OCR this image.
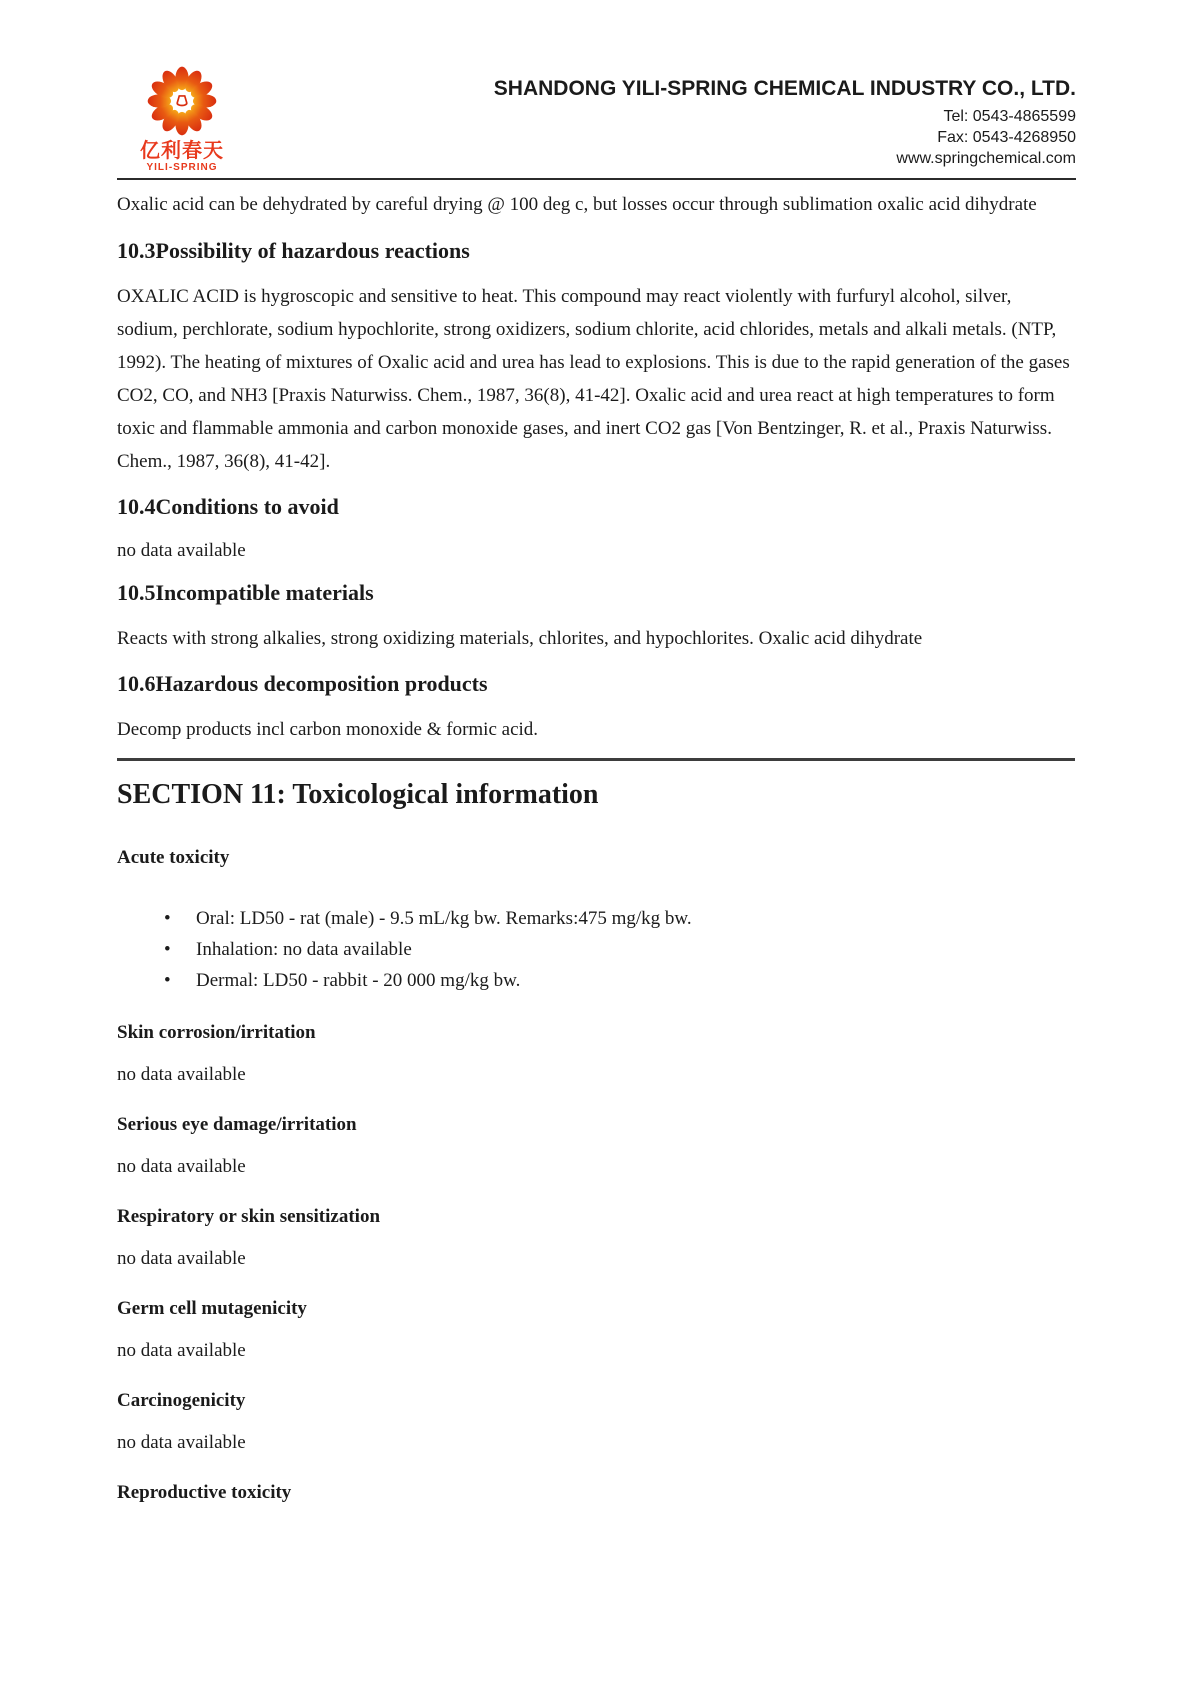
亿利春天
YILI-SPRING
SHANDONG YILI-SPRING CHEMICAL INDUSTRY CO., LTD.
Tel: 0543-4865599
Fax: 0543-4268950
www.springchemical.com

Oxalic acid can be dehydrated by careful drying @ 100 deg c, but losses occur through sublimation oxalic acid dihydrate

10.3Possibility of hazardous reactions

OXALIC ACID is hygroscopic and sensitive to heat. This compound may react violently with furfuryl alcohol, silver, sodium, perchlorate, sodium hypochlorite, strong oxidizers, sodium chlorite, acid chlorides, metals and alkali metals. (NTP, 1992). The heating of mixtures of Oxalic acid and urea has lead to explosions. This is due to the rapid generation of the gases CO2, CO, and NH3 [Praxis Naturwiss. Chem., 1987, 36(8), 41-42]. Oxalic acid and urea react at high temperatures to form toxic and flammable ammonia and carbon monoxide gases, and inert CO2 gas [Von Bentzinger, R. et al., Praxis Naturwiss. Chem., 1987, 36(8), 41-42].

10.4Conditions to avoid

no data available

10.5Incompatible materials

Reacts with strong alkalies, strong oxidizing materials, chlorites, and hypochlorites. Oxalic acid dihydrate

10.6Hazardous decomposition products

Decomp products incl carbon monoxide & formic acid.

SECTION 11: Toxicological information
Acute toxicity
• Oral: LD50 - rat (male) - 9.5 mL/kg bw. Remarks:475 mg/kg bw.
• Inhalation: no data available
• Dermal: LD50 - rabbit - 20 000 mg/kg bw.
Skin corrosion/irritation

no data available

Serious eye damage/irritation

no data available

Respiratory or skin sensitization

no data available

Germ cell mutagenicity

no data available

Carcinogenicity

no data available

Reproductive toxicity
